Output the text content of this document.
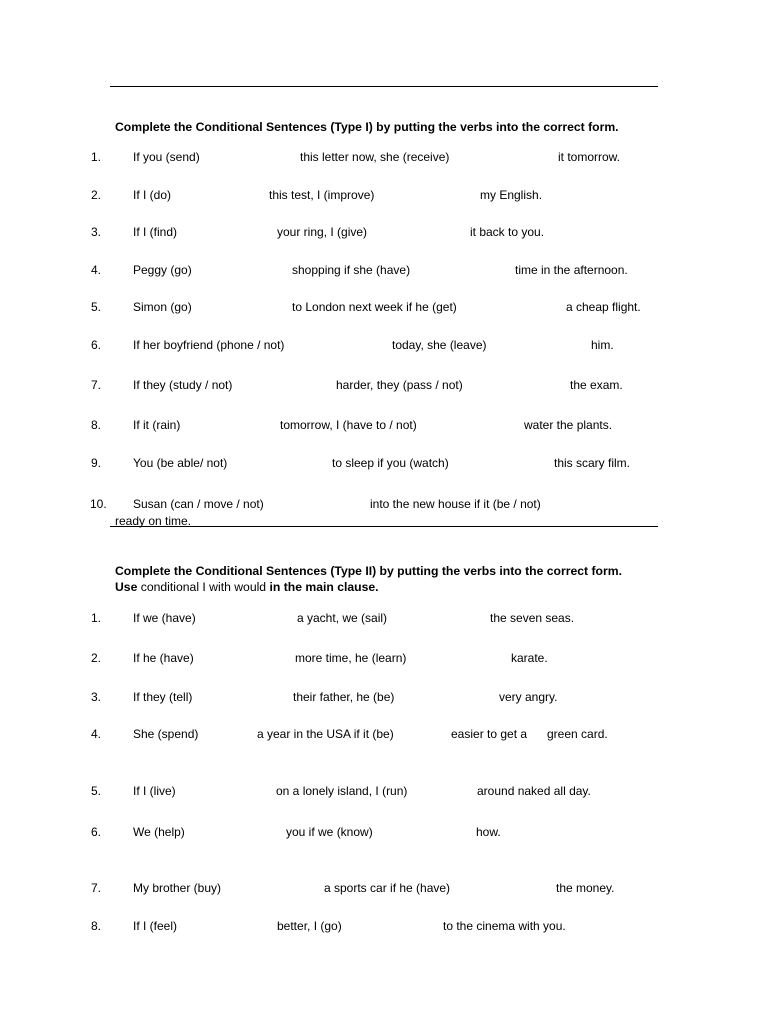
Complete the Conditional Sentences (Type I) by putting the verbs into the correct form.
1.	If you (send)	this letter now, she (receive)	it tomorrow.
2.	If I (do)	this test, I (improve)	my English.
3.	If I (find)	your ring, I (give)	it back to you.
4.	Peggy (go)	shopping if she (have)	time in the afternoon.
5.	Simon (go)	to London next week if he (get)	a cheap flight.
6.	If her boyfriend (phone / not)	today, she (leave)	him.
7.	If they (study / not)	harder, they (pass / not)	the exam.
8.	If it (rain)	tomorrow, I (have to / not)	water the plants.
9.	You (be able/ not)	to sleep if you (watch)	this scary film.
10. Susan (can / move / not)	into the new house if it (be / not)
ready on time.
Complete the Conditional Sentences (Type II) by putting the verbs into the correct form.
Use conditional I with would in the main clause.
1.	If we (have)	a yacht, we (sail)	the seven seas.
2.	If he (have)	more time, he (learn)	karate.
3.	If they (tell)	their father, he (be)	very angry.
4.	She (spend)	a year in the USA if it (be)	easier to get a green card.
5.	If I (live)	on a lonely island, I (run)	around naked all day.
6.	We (help)	you if we (know)	how.
7.	My brother (buy)	a sports car if he (have)	the money.
8.	If I (feel)	better, I (go)	to the cinema with you.
